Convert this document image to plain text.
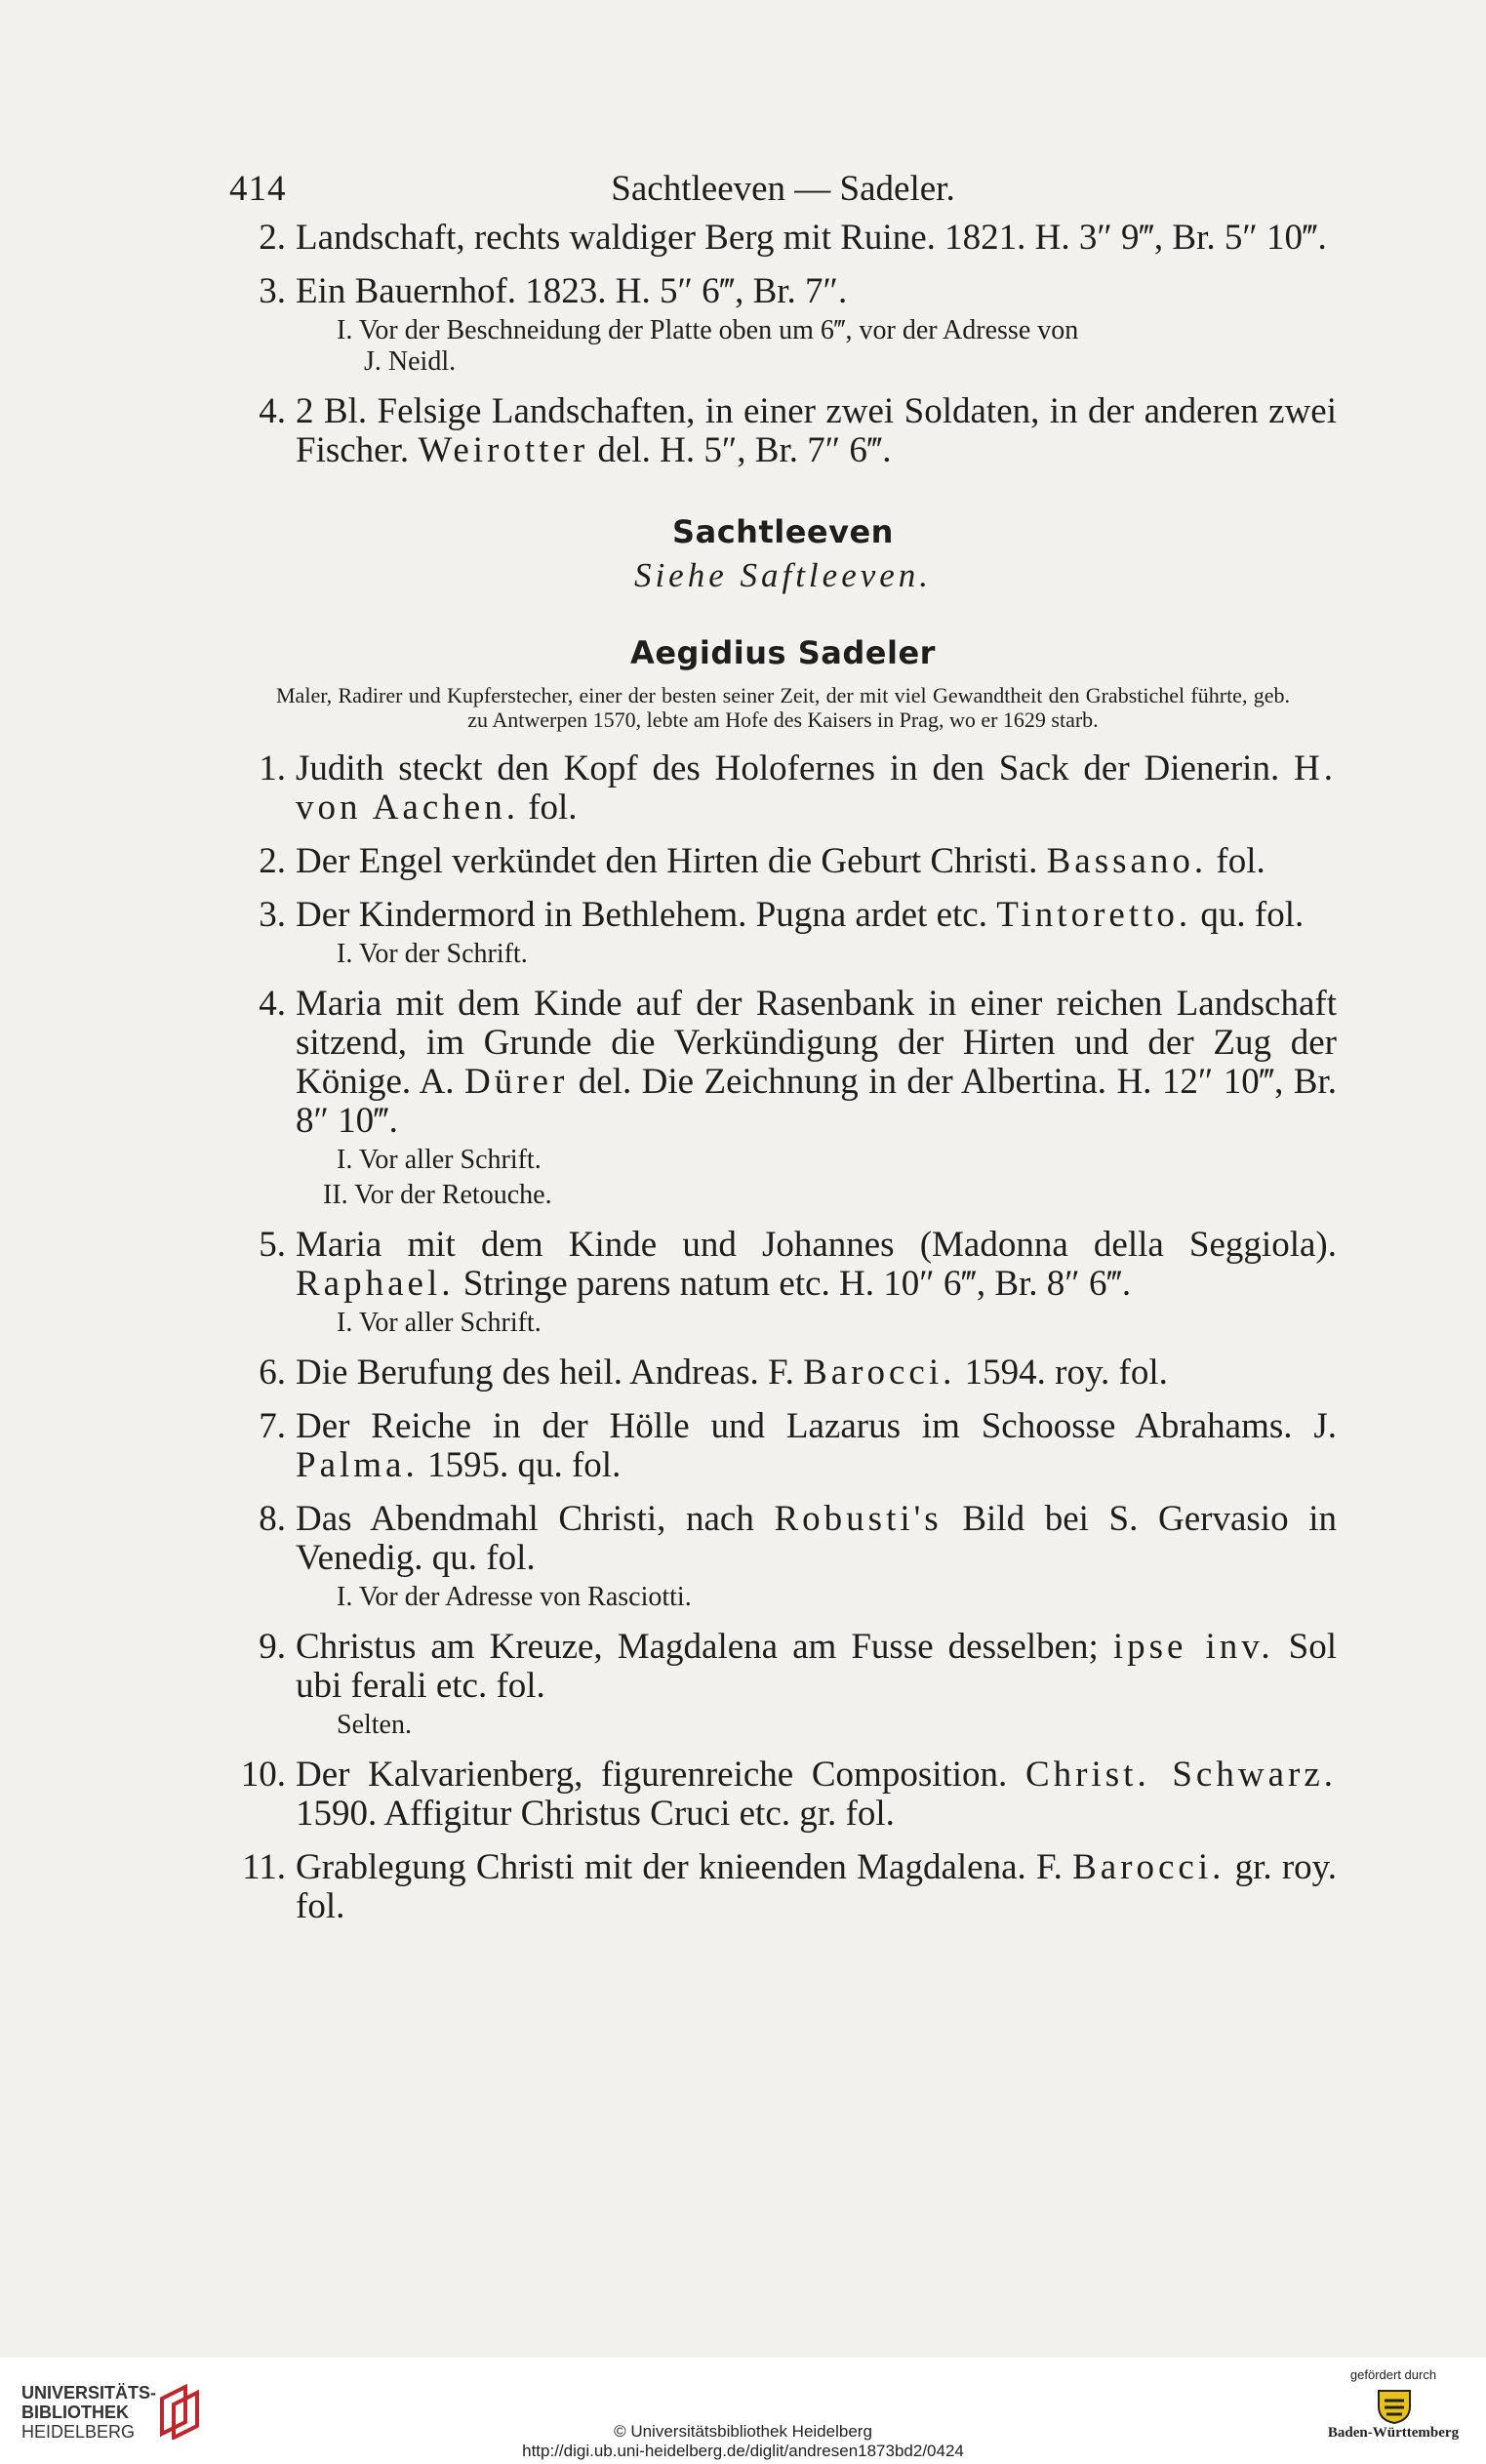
414	Sachtleeven — Sadeler.
2. Landschaft, rechts waldiger Berg mit Ruine. 1821. H. 3″ 9‴, Br. 5″ 10‴.
3. Ein Bauernhof. 1823. H. 5″ 6‴, Br. 7″.
I. Vor der Beschneidung der Platte oben um 6‴, vor der Adresse von
J. Neidl.
4. 2 Bl. Felsige Landschaften, in einer zwei Soldaten, in der anderen zwei Fischer. Weirotter del. H. 5″, Br. 7″ 6‴.
Sachtleeven
Siehe Saftleeven.
Aegidius Sadeler
Maler, Radirer und Kupferstecher, einer der besten seiner Zeit, der mit viel Gewandtheit den Grabstichel führte, geb. zu Antwerpen 1570, lebte am Hofe des Kaisers in Prag, wo er 1629 starb.
1. Judith steckt den Kopf des Holofernes in den Sack der Dienerin. H. von Aachen. fol.
2. Der Engel verkündet den Hirten die Geburt Christi. Bassano. fol.
3. Der Kindermord in Bethlehem. Pugna ardet etc. Tintoretto. qu. fol.
I. Vor der Schrift.
4. Maria mit dem Kinde auf der Rasenbank in einer reichen Landschaft sitzend, im Grunde die Verkündigung der Hirten und der Zug der Könige. A. Dürer del. Die Zeichnung in der Albertina. H. 12″ 10‴, Br. 8″ 10‴.
I. Vor aller Schrift.
II. Vor der Retouche.
5. Maria mit dem Kinde und Johannes (Madonna della Seggiola). Raphael. Stringe parens natum etc. H. 10″ 6‴, Br. 8″ 6‴.
I. Vor aller Schrift.
6. Die Berufung des heil. Andreas. F. Barocci. 1594. roy. fol.
7. Der Reiche in der Hölle und Lazarus im Schoosse Abrahams. J. Palma. 1595. qu. fol.
8. Das Abendmahl Christi, nach Robusti's Bild bei S. Gervasio in Venedig. qu. fol.
I. Vor der Adresse von Rasciotti.
9. Christus am Kreuze, Magdalena am Fusse desselben; ipse inv. Sol ubi ferali etc. fol.
Selten.
10. Der Kalvarienberg, figurenreiche Composition. Christ. Schwarz. 1590. Affigitur Christus Cruci etc. gr. fol.
11. Grablegung Christi mit der knieenden Magdalena. F. Barocci. gr. roy. fol.
UNIVERSITÄTS-
BIBLIOTHEK
HEIDELBERG	© Universitätsbibliothek Heidelberg
http://digi.ub.uni-heidelberg.de/diglit/andresen1873bd2/0424
gefördert durch
Baden-Württemberg
